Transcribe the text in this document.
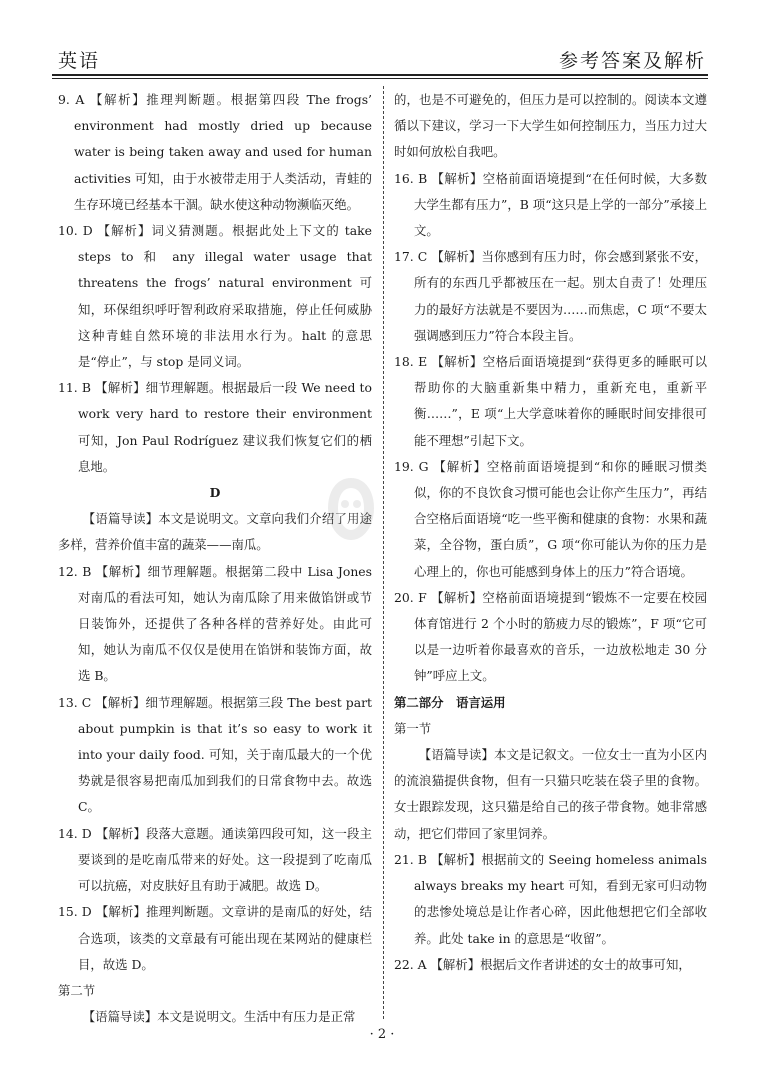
英语	参考答案及解析

9. A 【解析】推理判断题。根据第四段 The frogs’ environment had mostly dried up because water is being taken away and used for human activities 可知，由于水被带走用于人类活动，青蛙的生存环境已经基本干涸。缺水使这种动物濒临灭绝。

10. D 【解析】词义猜测题。根据此处上下文的 take steps to 和 any illegal water usage that threatens the frogs’ natural environment 可知，环保组织呼吁智利政府采取措施，停止任何威胁这种青蛙自然环境的非法用水行为。halt 的意思是“停止”，与 stop 是同义词。

11. B 【解析】细节理解题。根据最后一段 We need to work very hard to restore their environment 可知，Jon Paul Rodríguez 建议我们恢复它们的栖息地。

D

【语篇导读】本文是说明文。文章向我们介绍了用途多样，营养价值丰富的蔬菜——南瓜。

12. B 【解析】细节理解题。根据第二段中 Lisa Jones 对南瓜的看法可知，她认为南瓜除了用来做馅饼或节日装饰外，还提供了各种各样的营养好处。由此可知，她认为南瓜不仅仅是使用在馅饼和装饰方面，故选 B。

13. C 【解析】细节理解题。根据第三段 The best part about pumpkin is that it’s so easy to work it into your daily food. 可知，关于南瓜最大的一个优势就是很容易把南瓜加到我们的日常食物中去。故选 C。

14. D 【解析】段落大意题。通读第四段可知，这一段主要谈到的是吃南瓜带来的好处。这一段提到了吃南瓜可以抗癌，对皮肤好且有助于减肥。故选 D。

15. D 【解析】推理判断题。文章讲的是南瓜的好处，结合选项，该类的文章最有可能出现在某网站的健康栏目，故选 D。

第二节

【语篇导读】本文是说明文。生活中有压力是正常

的，也是不可避免的，但压力是可以控制的。阅读本文遵循以下建议，学习一下大学生如何控制压力，当压力过大时如何放松自我吧。

16. B 【解析】空格前面语境提到“在任何时候，大多数大学生都有压力”，B 项“这只是上学的一部分”承接上文。

17. C 【解析】当你感到有压力时，你会感到紧张不安，所有的东西几乎都被压在一起。别太自责了！处理压力的最好方法就是不要因为……而焦虑，C 项“不要太强调感到压力”符合本段主旨。

18. E 【解析】空格后面语境提到“获得更多的睡眠可以帮助你的大脑重新集中精力，重新充电，重新平衡……”，E 项“上大学意味着你的睡眠时间安排很可能不理想”引起下文。

19. G 【解析】空格前面语境提到“和你的睡眠习惯类似，你的不良饮食习惯可能也会让你产生压力”，再结合空格后面语境“吃一些平衡和健康的食物：水果和蔬菜，全谷物，蛋白质”，G 项“你可能认为你的压力是心理上的，你也可能感到身体上的压力”符合语境。

20. F 【解析】空格前面语境提到“锻炼不一定要在校园体育馆进行 2 个小时的筋疲力尽的锻炼”，F 项“它可以是一边听着你最喜欢的音乐，一边放松地走 30 分钟”呼应上文。

第二部分　语言运用

第一节

【语篇导读】本文是记叙文。一位女士一直为小区内的流浪猫提供食物，但有一只猫只吃装在袋子里的食物。女士跟踪发现，这只猫是给自己的孩子带食物。她非常感动，把它们带回了家里饲养。

21. B 【解析】根据前文的 Seeing homeless animals always breaks my heart 可知，看到无家可归动物的悲惨处境总是让作者心碎，因此他想把它们全部收养。此处 take in 的意思是“收留”。

22. A 【解析】根据后文作者讲述的女士的故事可知，

· 2 ·
